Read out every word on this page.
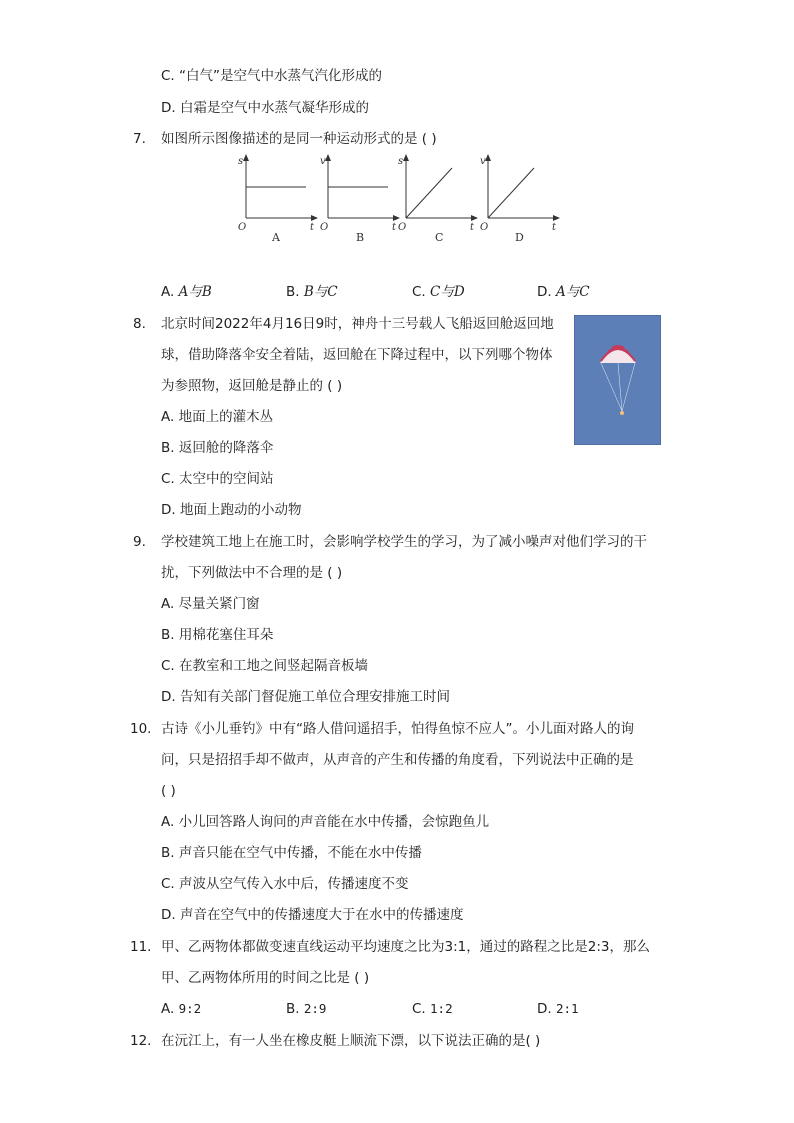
C. “白气”是空气中水蒸气汽化形成的
D. 白霜是空气中水蒸气凝华形成的
7. 如图所示图像描述的是同一种运动形式的是 ( )
s
O	t
v
O	t
s
O	t
v
O	t
A	B	C	D
A. A与B	B. B与C	C. C与D	D. A与C
8. 北京时间2022年4月16日9时，神舟十三号载人飞船返回舱返回地
球，借助降落伞安全着陆，返回舱在下降过程中，以下列哪个物体
为参照物，返回舱是静止的 ( )
A. 地面上的灌木丛
B. 返回舱的降落伞
C. 太空中的空间站
D. 地面上跑动的小动物
9. 学校建筑工地上在施工时，会影响学校学生的学习，为了减小噪声对他们学习的干
扰，下列做法中不合理的是 ( )
A. 尽量关紧门窗
B. 用棉花塞住耳朵
C. 在教室和工地之间竖起隔音板墙
D. 告知有关部门督促施工单位合理安排施工时间
10. 古诗《小儿垂钓》中有“路人借问遥招手，怕得鱼惊不应人”。小儿面对路人的询
问，只是招招手却不做声，从声音的产生和传播的角度看，下列说法中正确的是
( )
A. 小儿回答路人询问的声音能在水中传播，会惊跑鱼儿
B. 声音只能在空气中传播，不能在水中传播
C. 声波从空气传入水中后，传播速度不变
D. 声音在空气中的传播速度大于在水中的传播速度
11. 甲、乙两物体都做变速直线运动平均速度之比为3:1，通过的路程之比是2:3，那么
甲、乙两物体所用的时间之比是 ( )
A. 9:2	B. 2:9	C. 1:2	D. 2:1
12. 在沅江上，有一人坐在橡皮艇上顺流下漂，以下说法正确的是( )
